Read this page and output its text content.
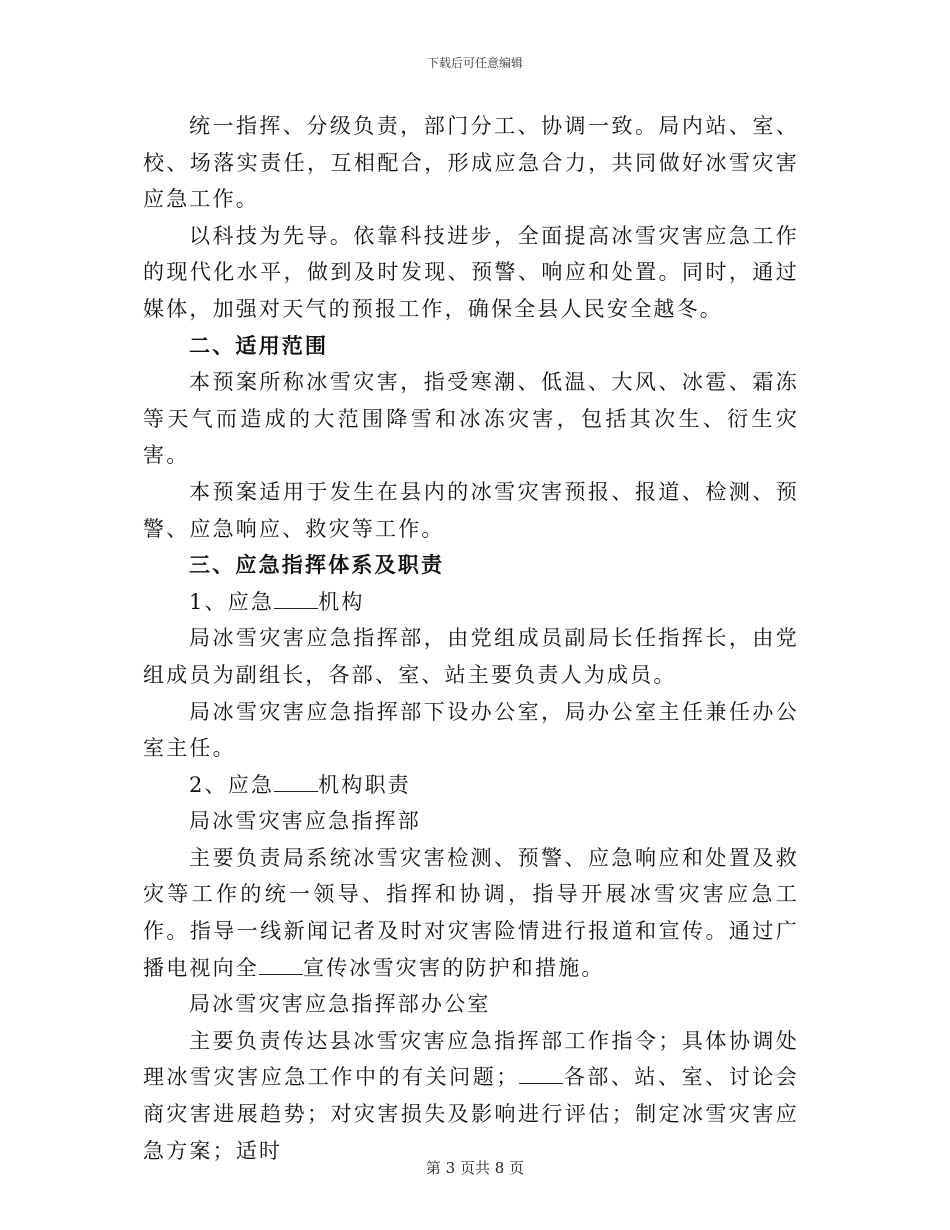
下载后可任意编辑

统一指挥、分级负责，部门分工、协调一致。局内站、室、校、场落实责任，互相配合，形成应急合力，共同做好冰雪灾害应急工作。

以科技为先导。依靠科技进步，全面提高冰雪灾害应急工作的现代化水平，做到及时发现、预警、响应和处置。同时，通过媒体，加强对天气的预报工作，确保全县人民安全越冬。

二、适用范围

本预案所称冰雪灾害，指受寒潮、低温、大风、冰雹、霜冻等天气而造成的大范围降雪和冰冻灾害，包括其次生、衍生灾害。

本预案适用于发生在县内的冰雪灾害预报、报道、检测、预警、应急响应、救灾等工作。

三、应急指挥体系及职责

1、应急 机构

局冰雪灾害应急指挥部，由党组成员副局长任指挥长，由党组成员为副组长，各部、室、站主要负责人为成员。

局冰雪灾害应急指挥部下设办公室，局办公室主任兼任办公室主任。

2、应急 机构职责

局冰雪灾害应急指挥部

主要负责局系统冰雪灾害检测、预警、应急响应和处置及救灾等工作的统一领导、指挥和协调，指导开展冰雪灾害应急工作。指导一线新闻记者及时对灾害险情进行报道和宣传。通过广播电视向全 宣传冰雪灾害的防护和措施。

局冰雪灾害应急指挥部办公室

主要负责传达县冰雪灾害应急指挥部工作指令；具体协调处理冰雪灾害应急工作中的有关问题； 各部、站、室、讨论会商灾害进展趋势；对灾害损失及影响进行评估；制定冰雪灾害应急方案；适时

第 3 页共 8 页
